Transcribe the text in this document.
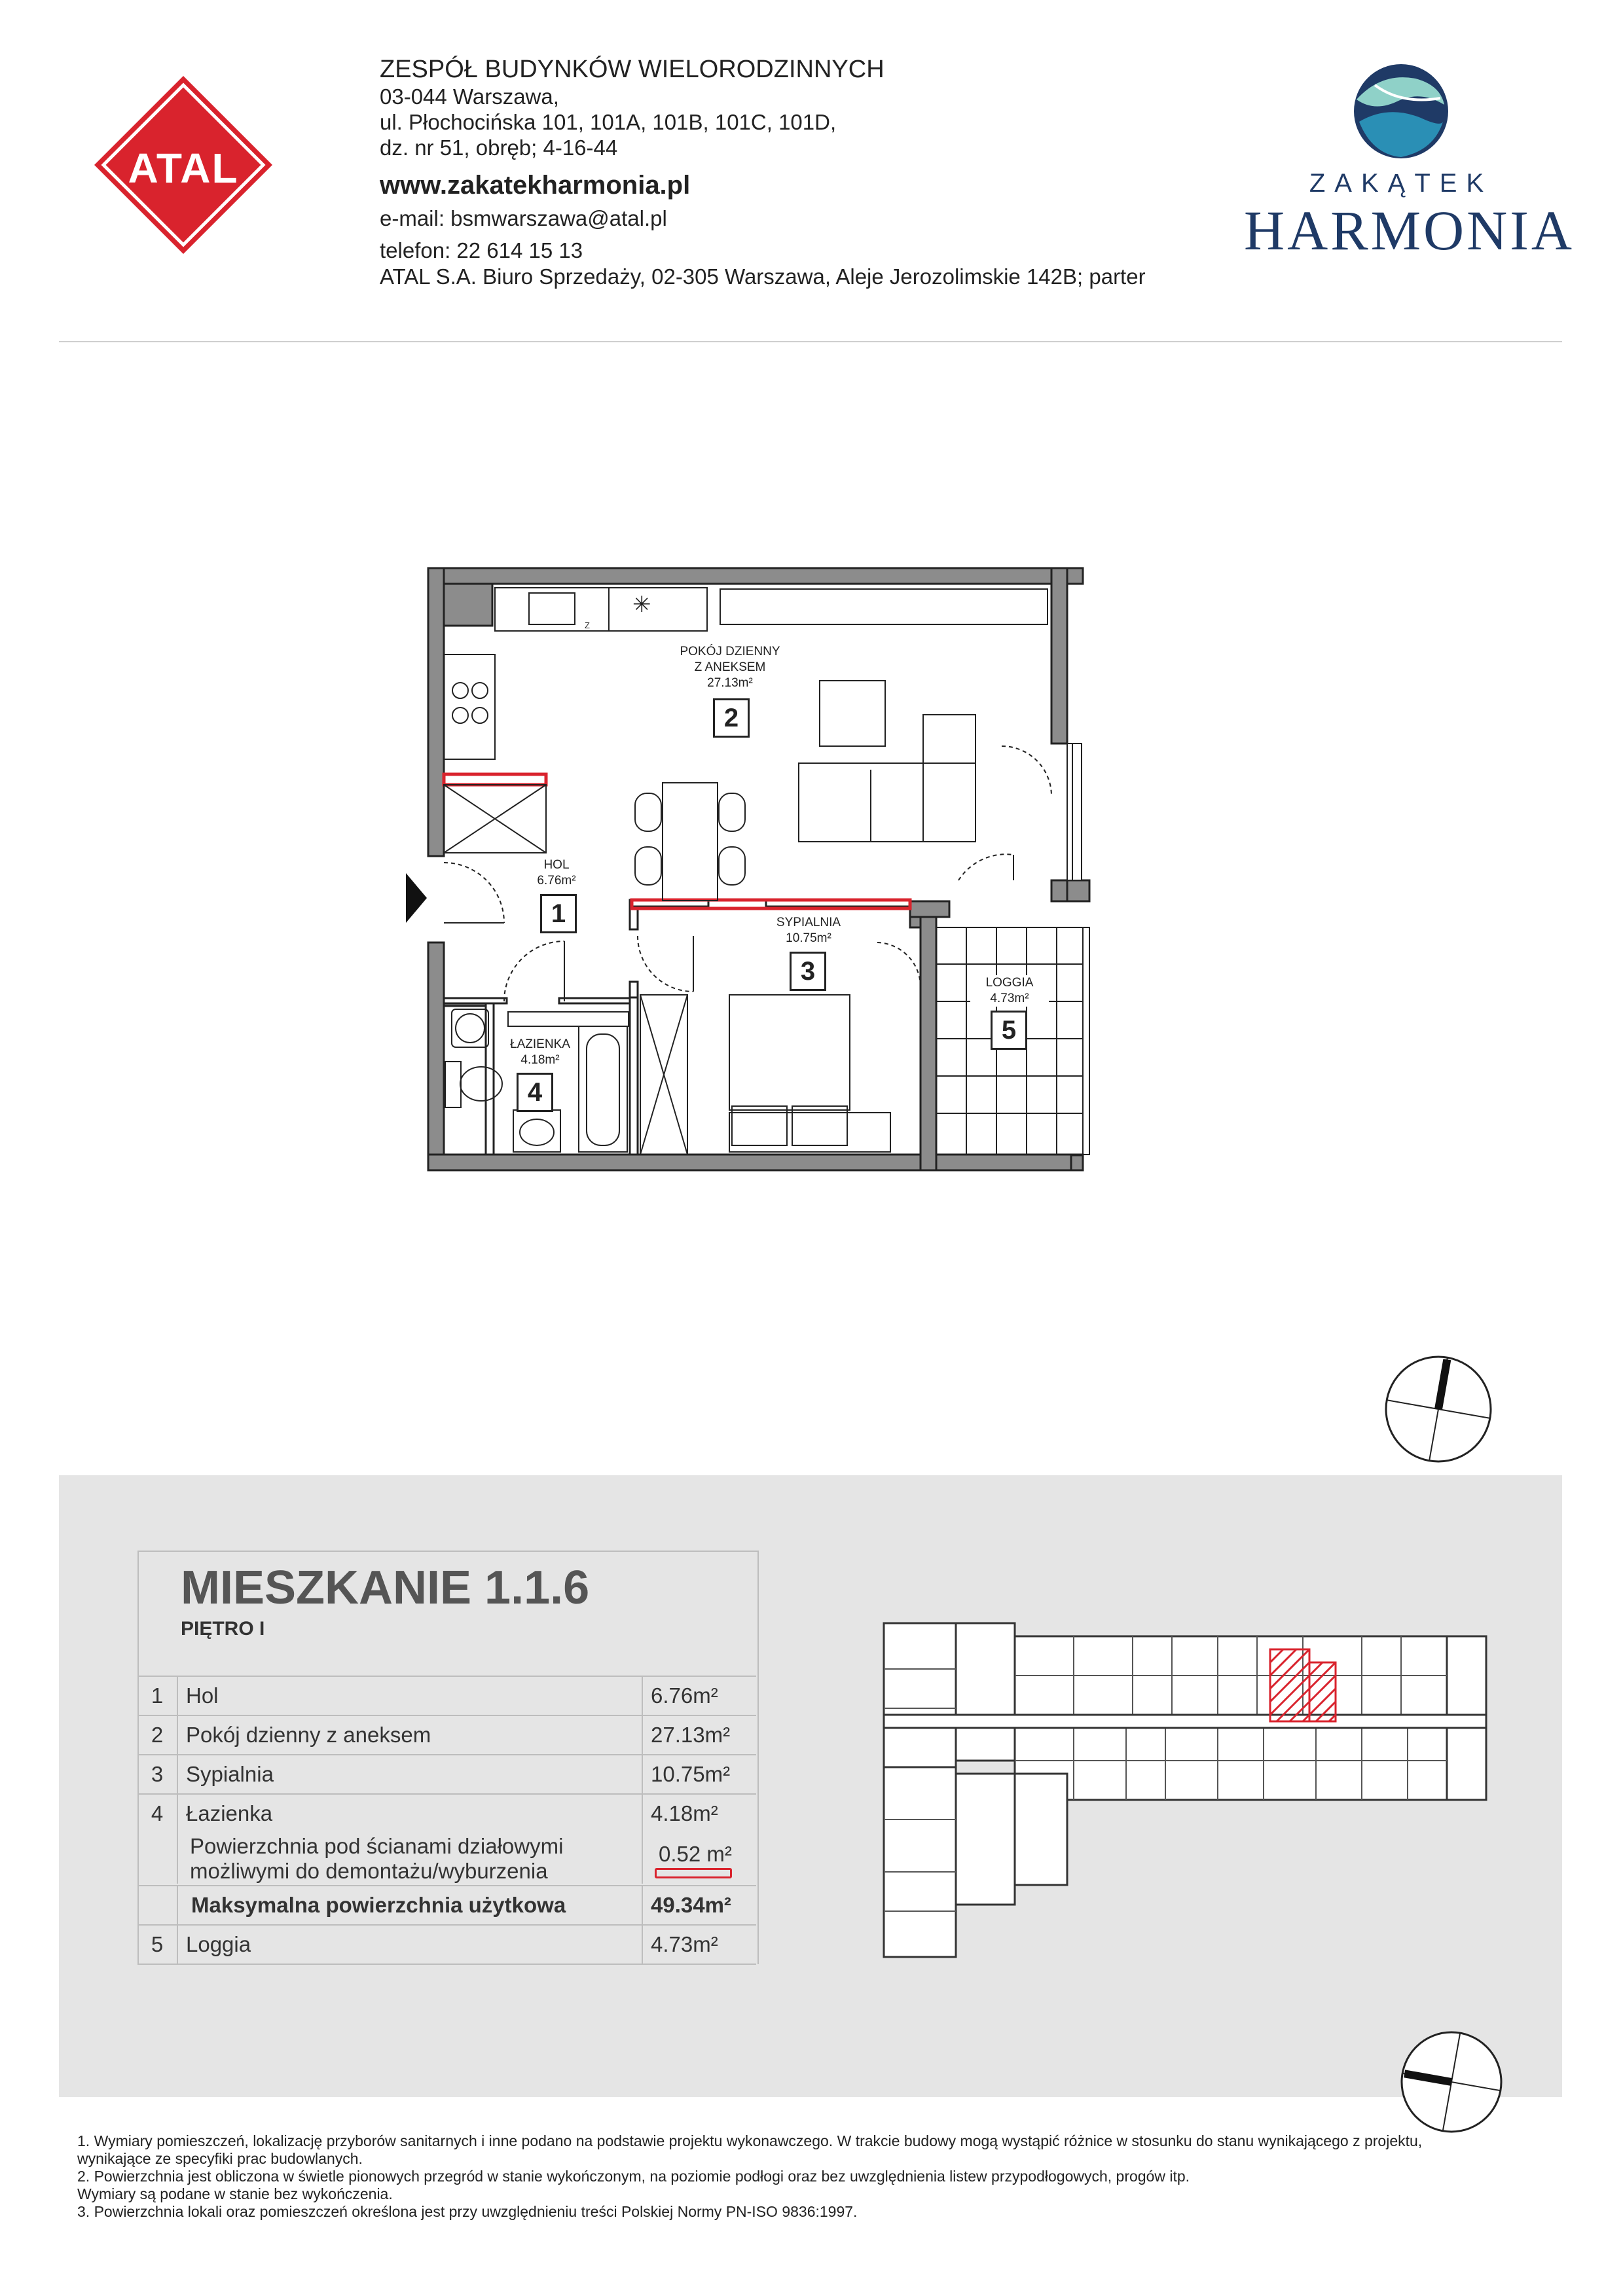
ATAL
ZESPÓŁ BUDYNKÓW WIELORODZINNYCH
03-044 Warszawa,
ul. Płochocińska 101, 101A, 101B, 101C, 101D,
dz. nr 51, obręb; 4-16-44
www.zakatekharmonia.pl
e-mail: bsmwarszawa@atal.pl
telefon: 22 614 15 13
ATAL S.A. Biuro Sprzedaży, 02-305 Warszawa, Aleje Jerozolimskie 142B; parter
ZAKĄTEK
HARMONIA
POKÓJ DZIENNY
Z ANEKSEM
27.13m²
2
HOL
6.76m²
1	SYPIALNIA
10.75m²
3
ŁAZIENKA
4.18m²
4
LOGGIA
4.73m²
5
Z
✳
MIESZKANIE 1.1.6
PIĘTRO I
1	Hol	6.76m²
2	Pokój dzienny z aneksem	27.13m²
3	Sypialnia	10.75m²
4	Łazienka	4.18m²
Powierzchnia pod ścianami działowymi
możliwymi do demontażu/wyburzenia
0.52 m²
Maksymalna powierzchnia użytkowa	49.34m²
5	Loggia	4.73m²
1. Wymiary pomieszczeń, lokalizację przyborów sanitarnych i inne podano na podstawie projektu wykonawczego. W trakcie budowy mogą wystąpić różnice w stosunku do stanu wynikającego z projektu,
wynikające ze specyfiki prac budowlanych.
2. Powierzchnia jest obliczona w świetle pionowych przegród w stanie wykończonym, na poziomie podłogi oraz bez uwzględnienia listew przypodłogowych, progów itp.
Wymiary są podane w stanie bez wykończenia.
3. Powierzchnia lokali oraz pomieszczeń określona jest przy uwzględnieniu treści Polskiej Normy PN-ISO 9836:1997.
